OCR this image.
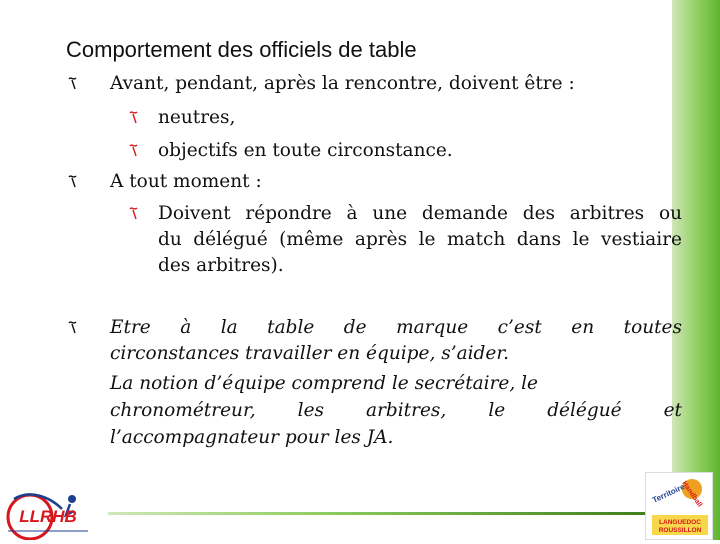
Comportement des officiels de table
Avant, pendant, après la rencontre, doivent être :
neutres,
objectifs en toute circonstance.
A tout moment :
Doivent répondre à une demande des arbitres ou
du délégué (même après le match dans le vestiaire
des arbitres).
Etre à la table de marque c’est en toutes
circonstances travailler en équipe, s’aider.
La notion d’équipe comprend le secrétaire, le
chronométreur, les arbitres, le délégué et
l’accompagnateur pour les JA.
LLRHB
Territoire
Handball
LANGUEDOC
ROUSSILLON
